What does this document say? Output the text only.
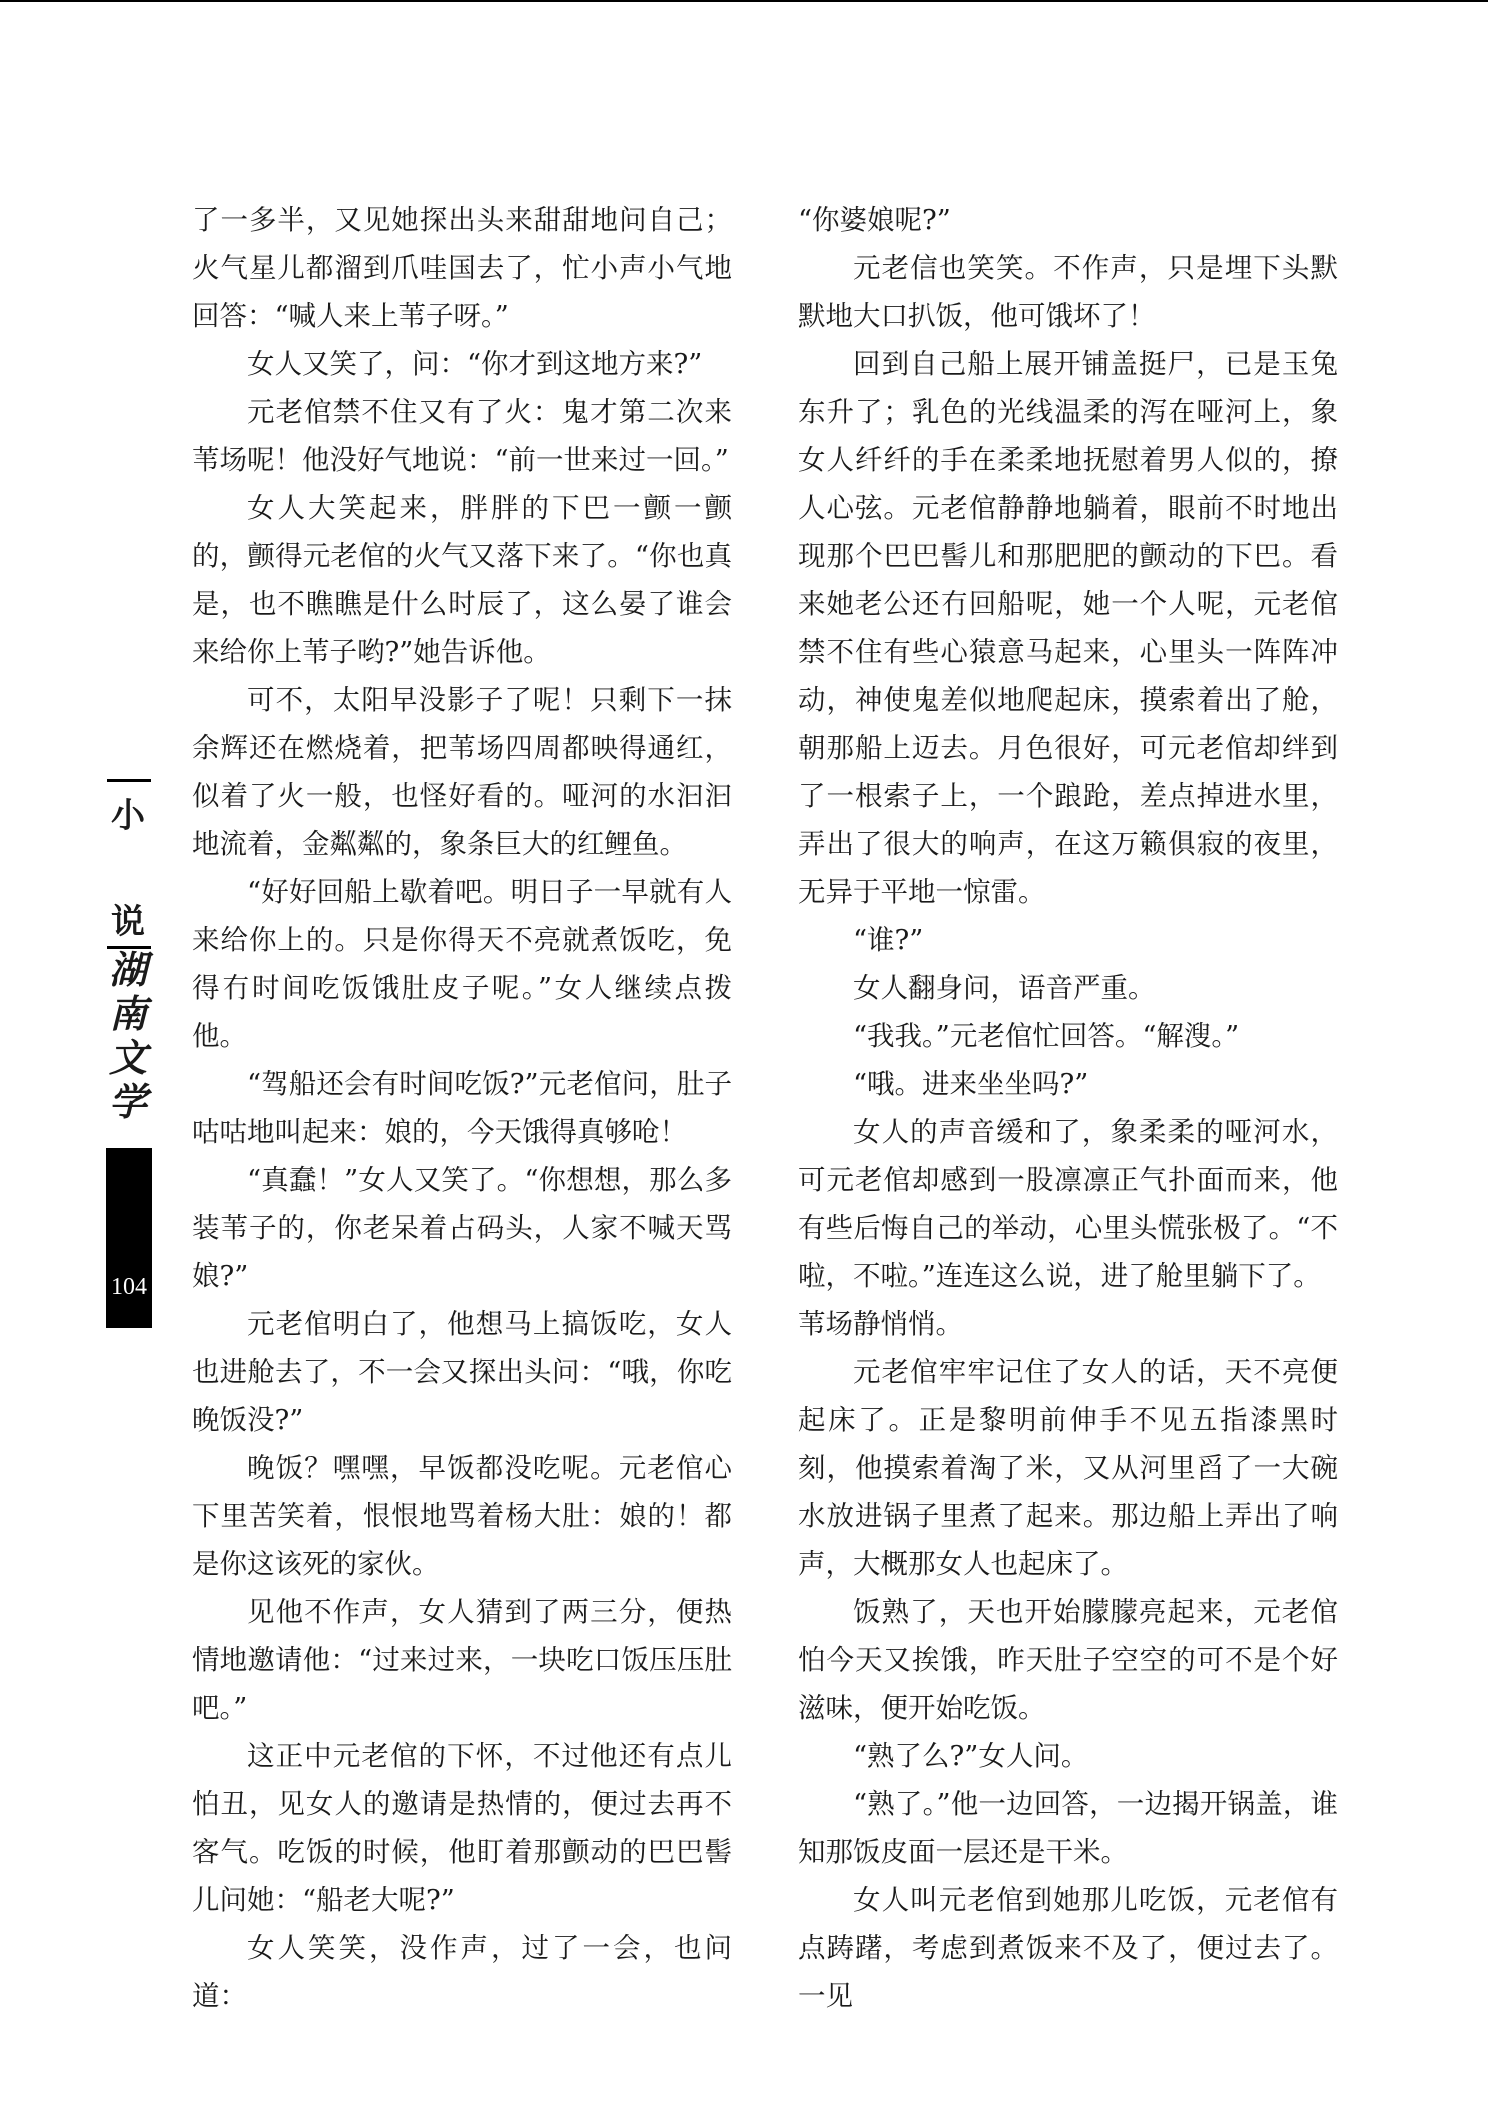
小
说
湖
南
文
学
104

了一多半，又见她探出头来甜甜地问自己；火气星儿都溜到爪哇国去了，忙小声小气地回答：“喊人来上苇子呀。”

女人又笑了，问：“你才到这地方来?”

元老倌禁不住又有了火：鬼才第二次来苇场呢！他没好气地说：“前一世来过一回。”

女人大笑起来，胖胖的下巴一颤一颤的，颤得元老倌的火气又落下来了。“你也真是，也不瞧瞧是什么时辰了，这么晏了谁会来给你上苇子哟?”她告诉他。

可不，太阳早没影子了呢！只剩下一抹余辉还在燃烧着，把苇场四周都映得通红，似着了火一般，也怪好看的。哑河的水汩汩地流着，金粼粼的，象条巨大的红鲤鱼。

“好好回船上歇着吧。明日子一早就有人来给你上的。只是你得天不亮就煮饭吃，免得冇时间吃饭饿肚皮子呢。”女人继续点拨他。

“驾船还会有时间吃饭?”元老倌问，肚子咕咕地叫起来：娘的，今天饿得真够呛！

“真蠢！”女人又笑了。“你想想，那么多装苇子的，你老呆着占码头，人家不喊天骂娘?”

元老倌明白了，他想马上搞饭吃，女人也进舱去了，不一会又探出头问：“哦，你吃晚饭没?”

晚饭？嘿嘿，早饭都没吃呢。元老倌心下里苦笑着，恨恨地骂着杨大肚：娘的！都是你这该死的家伙。

见他不作声，女人猜到了两三分，便热情地邀请他：“过来过来，一块吃口饭压压肚吧。”

这正中元老倌的下怀，不过他还有点儿怕丑，见女人的邀请是热情的，便过去再不客气。吃饭的时候，他盯着那颤动的巴巴髻儿问她：“船老大呢?”

女人笑笑，没作声，过了一会，也问道：

“你婆娘呢?”

元老信也笑笑。不作声，只是埋下头默默地大口扒饭，他可饿坏了！

回到自己船上展开铺盖挺尸，已是玉兔东升了；乳色的光线温柔的泻在哑河上，象女人纤纤的手在柔柔地抚慰着男人似的，撩人心弦。元老倌静静地躺着，眼前不时地出现那个巴巴髻儿和那肥肥的颤动的下巴。看来她老公还冇回船呢，她一个人呢，元老倌禁不住有些心猿意马起来，心里头一阵阵冲动，神使鬼差似地爬起床，摸索着出了舱，朝那船上迈去。月色很好，可元老倌却绊到了一根索子上，一个踉跄，差点掉进水里，弄出了很大的响声，在这万籁俱寂的夜里，无异于平地一惊雷。

“谁?”

女人翻身问，语音严重。

“我我。”元老倌忙回答。“解溲。”

“哦。进来坐坐吗?”

女人的声音缓和了，象柔柔的哑河水，可元老倌却感到一股凛凛正气扑面而来，他有些后悔自己的举动，心里头慌张极了。“不啦，不啦。”连连这么说，进了舱里躺下了。

苇场静悄悄。

元老倌牢牢记住了女人的话，天不亮便起床了。正是黎明前伸手不见五指漆黑时刻，他摸索着淘了米，又从河里舀了一大碗水放进锅子里煮了起来。那边船上弄出了响声，大概那女人也起床了。

饭熟了，天也开始朦朦亮起来，元老倌怕今天又挨饿，昨天肚子空空的可不是个好滋味，便开始吃饭。

“熟了么?”女人问。

“熟了。”他一边回答，一边揭开锅盖，谁知那饭皮面一层还是干米。

女人叫元老倌到她那儿吃饭，元老倌有点踌躇，考虑到煮饭来不及了，便过去了。一见
